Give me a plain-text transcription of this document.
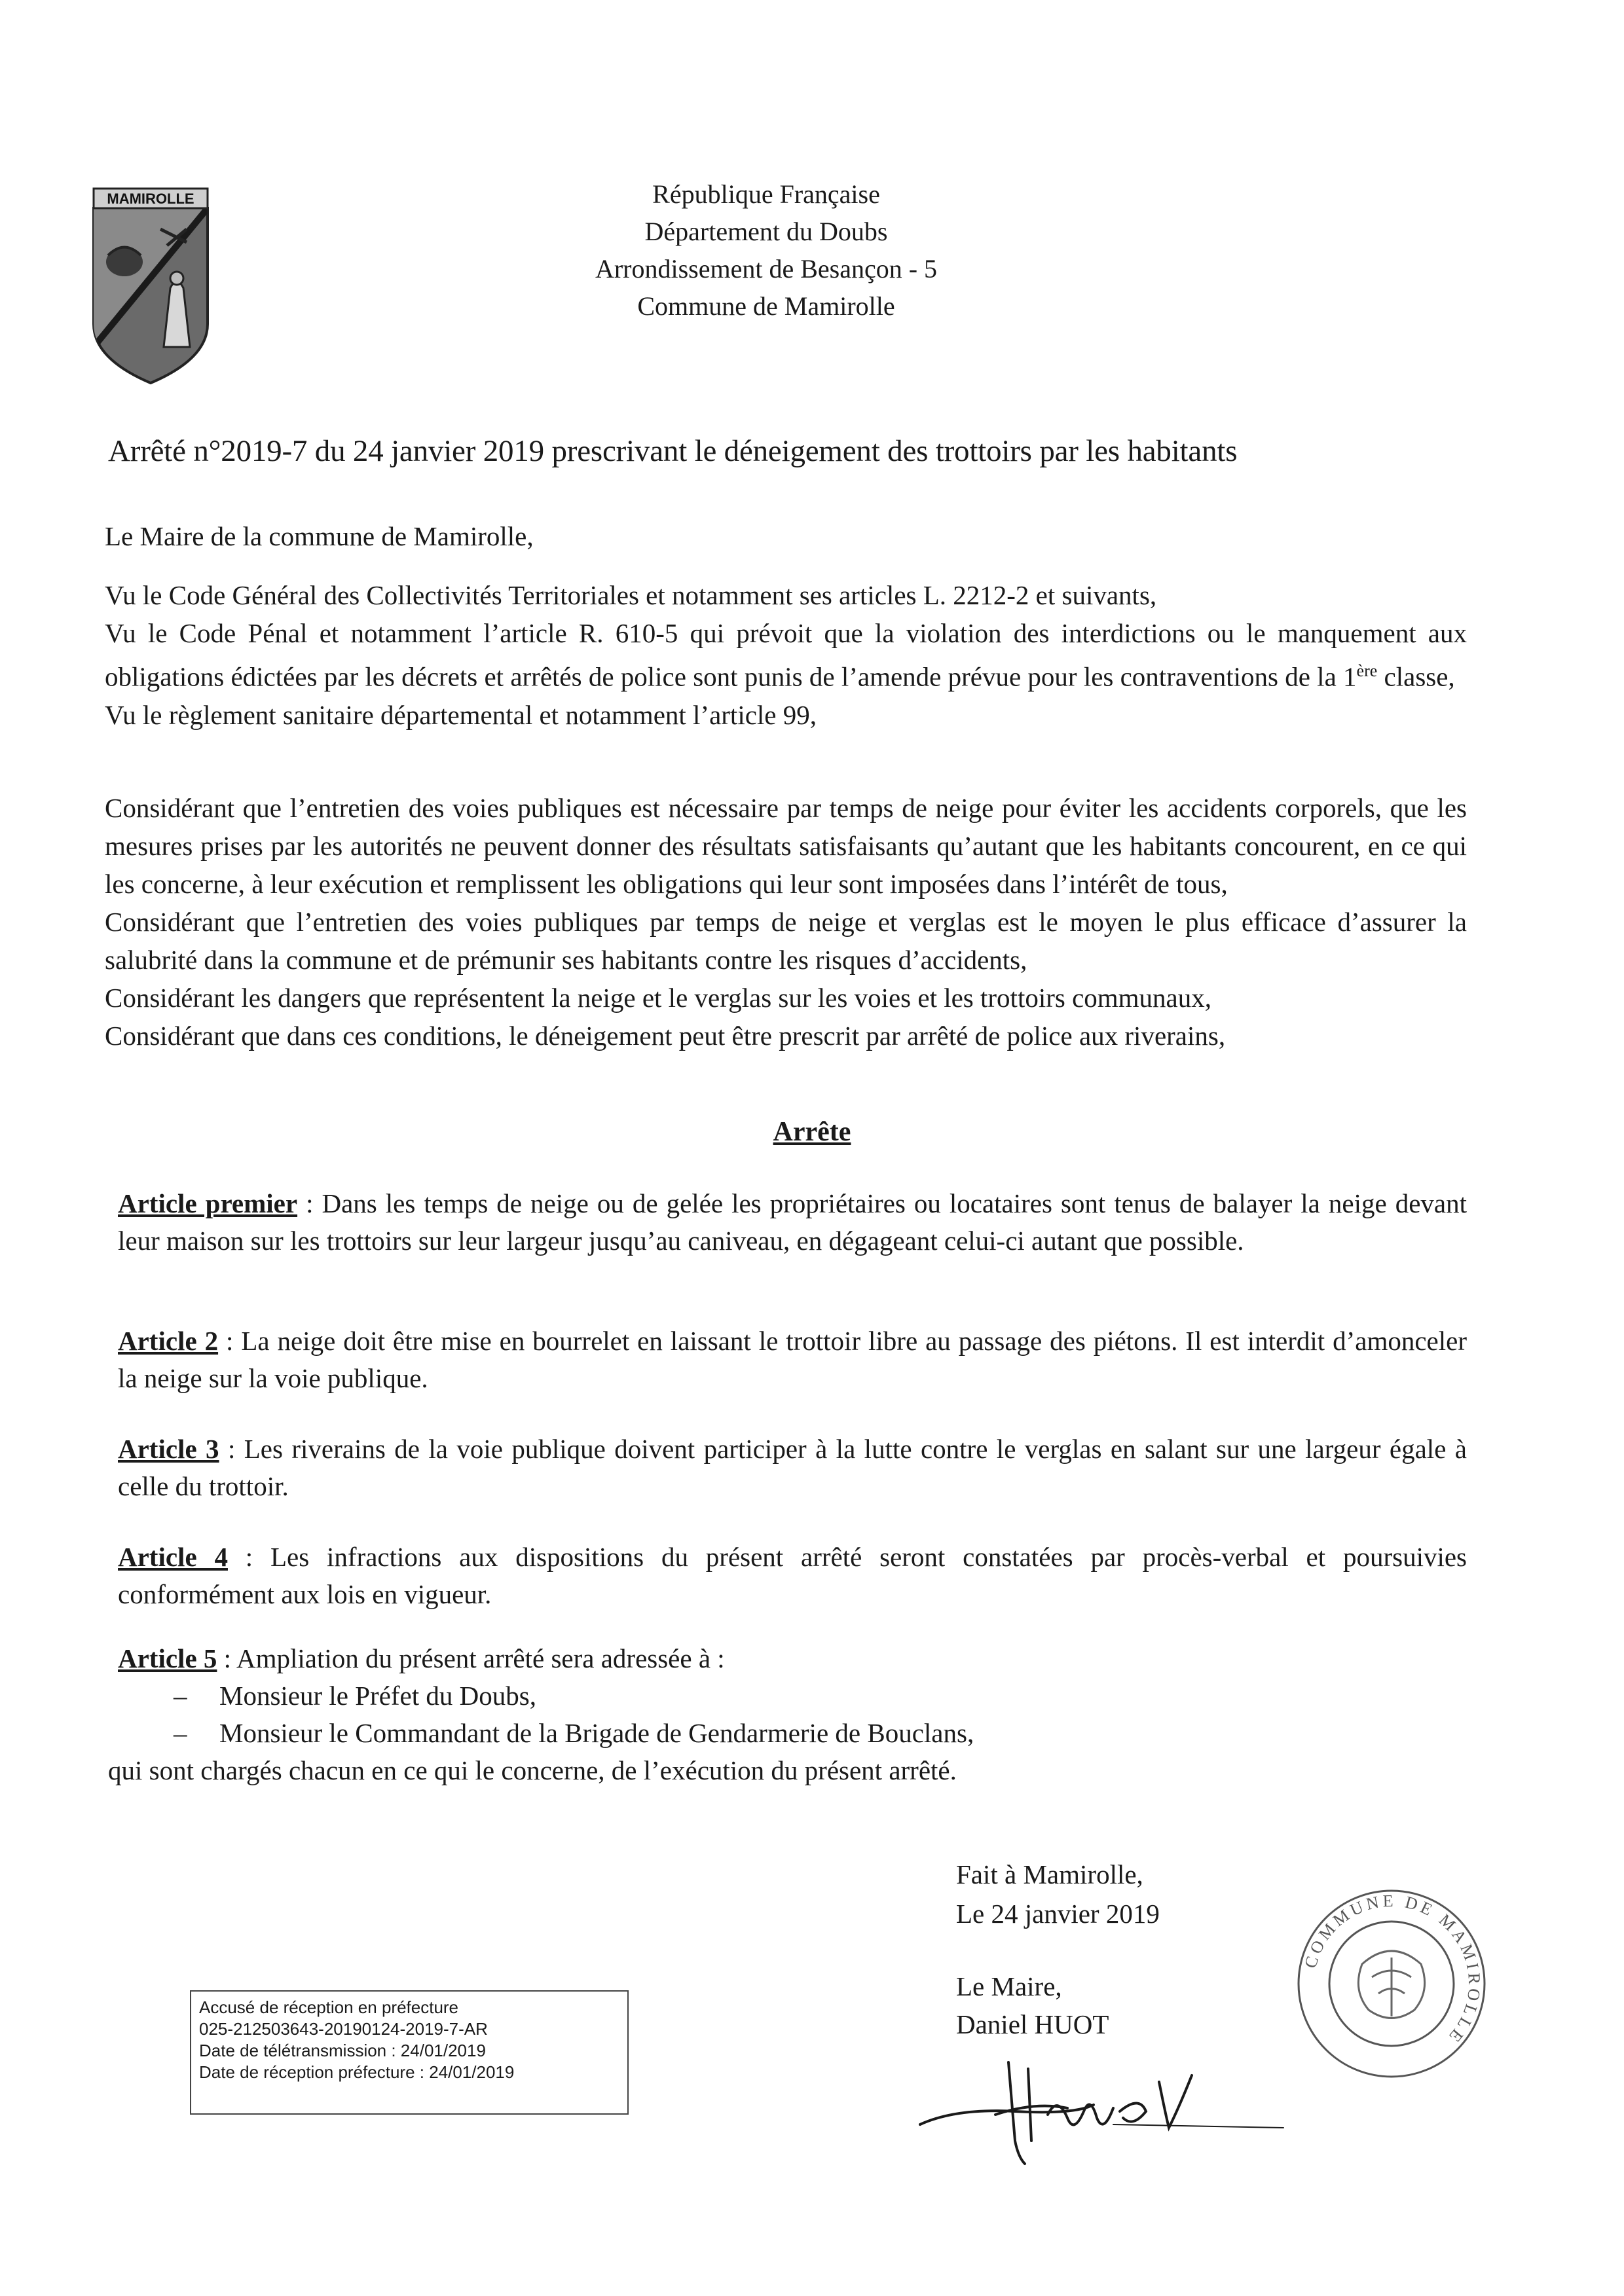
MAMIROLLE	République Française
Département du Doubs
Arrondissement de Besançon - 5
Commune de Mamirolle
Arrêté n°2019-7 du 24 janvier 2019 prescrivant le déneigement des trottoirs par les habitants
Le Maire de la commune de Mamirolle,
Vu le Code Général des Collectivités Territoriales et notamment ses articles L. 2212-2 et suivants,
Vu le Code Pénal et notamment l’article R. 610-5 qui prévoit que la violation des interdictions ou le manquement aux obligations édictées par les décrets et arrêtés de police sont punis de l’amende prévue pour les contraventions de la 1ère classe,
Vu le règlement sanitaire départemental et notamment l’article 99,
Considérant que l’entretien des voies publiques est nécessaire par temps de neige pour éviter les accidents corporels, que les mesures prises par les autorités ne peuvent donner des résultats satisfaisants qu’autant que les habitants concourent, en ce qui les concerne, à leur exécution et remplissent les obligations qui leur sont imposées dans l’intérêt de tous,
Considérant que l’entretien des voies publiques par temps de neige et verglas est le moyen le plus efficace d’assurer la salubrité dans la commune et de prémunir ses habitants contre les risques d’accidents,
Considérant les dangers que représentent la neige et le verglas sur les voies et les trottoirs communaux,
Considérant que dans ces conditions, le déneigement peut être prescrit par arrêté de police aux riverains,
Arrête
Article premier : Dans les temps de neige ou de gelée les propriétaires ou locataires sont tenus de balayer la neige devant leur maison sur les trottoirs sur leur largeur jusqu’au caniveau, en dégageant celui-ci autant que possible.
Article 2 : La neige doit être mise en bourrelet en laissant le trottoir libre au passage des piétons. Il est interdit d’amonceler la neige sur la voie publique.
Article 3 : Les riverains de la voie publique doivent participer à la lutte contre le verglas en salant sur une largeur égale à celle du trottoir.
Article 4 : Les infractions aux dispositions du présent arrêté seront constatées par procès-verbal et poursuivies conformément aux lois en vigueur.
Article 5 : Ampliation du présent arrêté sera adressée à :
– Monsieur le Préfet du Doubs,
– Monsieur le Commandant de la Brigade de Gendarmerie de Bouclans,
qui sont chargés chacun en ce qui le concerne, de l’exécution du présent arrêté.
Fait à Mamirolle,
Le 24 janvier 2019
Le Maire,
Daniel HUOT
COMMUNE DE MAMIROLLE
Accusé de réception en préfecture
025-212503643-20190124-2019-7-AR
Date de télétransmission : 24/01/2019
Date de réception préfecture : 24/01/2019
